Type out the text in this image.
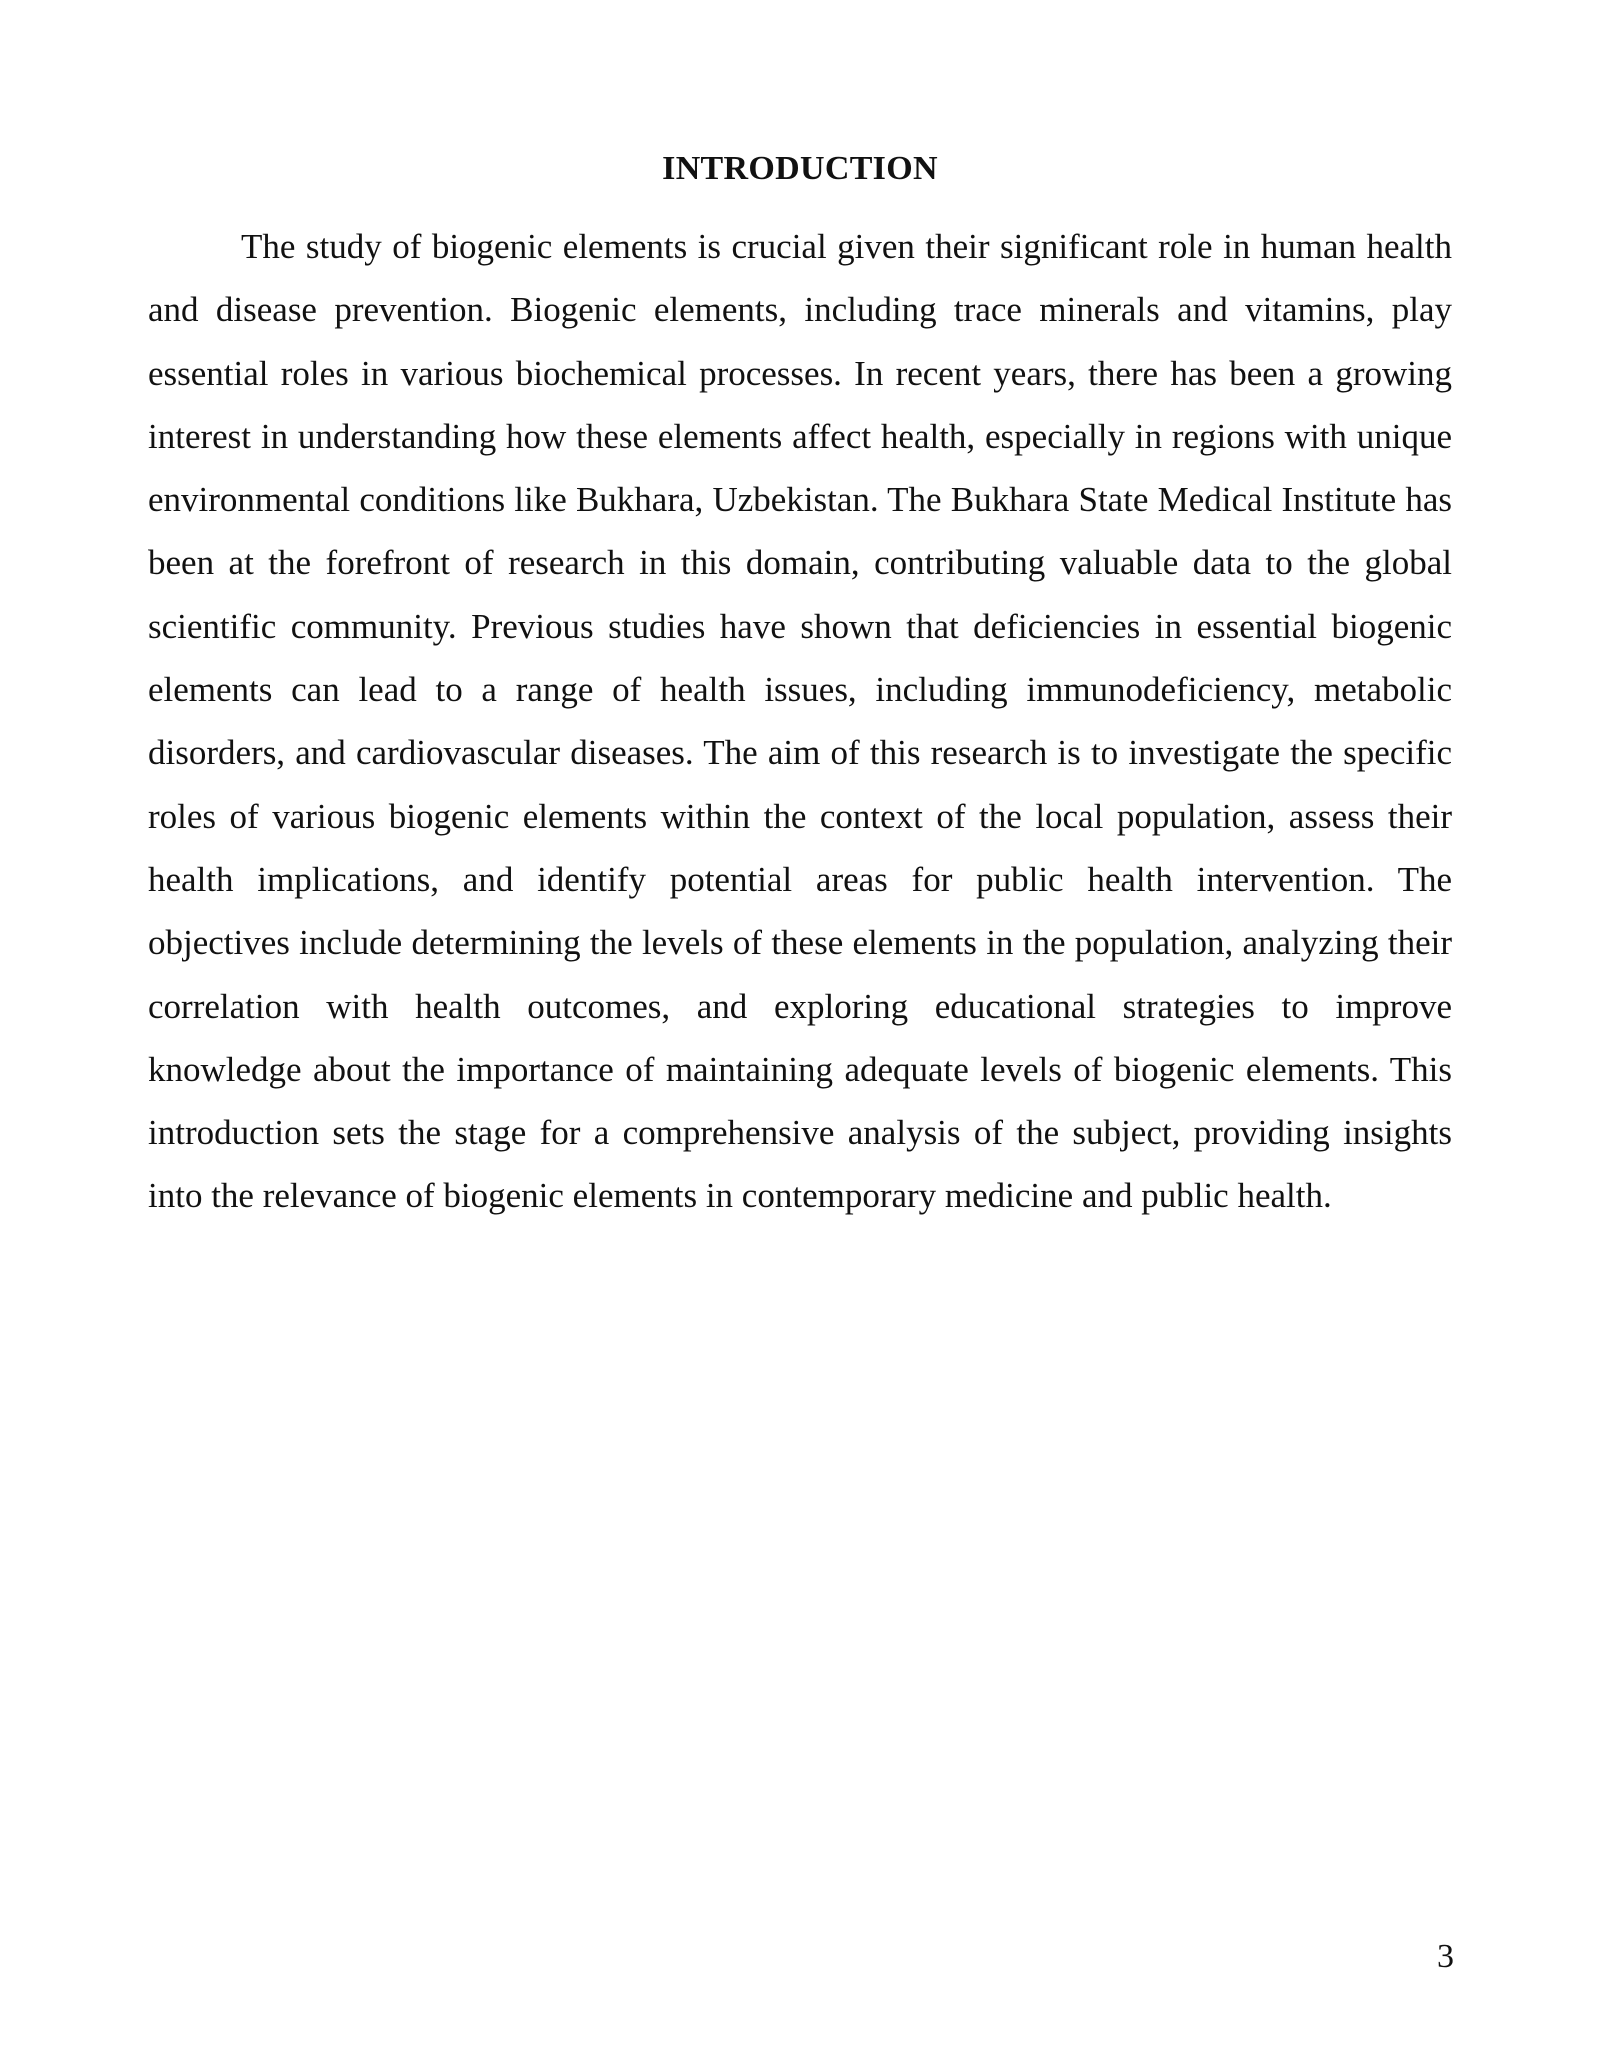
INTRODUCTION

The study of biogenic elements is crucial given their significant role in human health and disease prevention. Biogenic elements, including trace minerals and vitamins, play essential roles in various biochemical processes. In recent years, there has been a growing interest in understanding how these elements affect health, especially in regions with unique environmental conditions like Bukhara, Uzbekistan. The Bukhara State Medical Institute has been at the forefront of research in this domain, contributing valuable data to the global scientific community. Previous studies have shown that deficiencies in essential biogenic elements can lead to a range of health issues, including immunodeficiency, metabolic disorders, and cardiovascular diseases. The aim of this research is to investigate the specific roles of various biogenic elements within the context of the local population, assess their health implications, and identify potential areas for public health intervention. The objectives include determining the levels of these elements in the population, analyzing their correlation with health outcomes, and exploring educational strategies to improve knowledge about the importance of maintaining adequate levels of biogenic elements. This introduction sets the stage for a comprehensive analysis of the subject, providing insights into the relevance of biogenic elements in contemporary medicine and public health.

3
